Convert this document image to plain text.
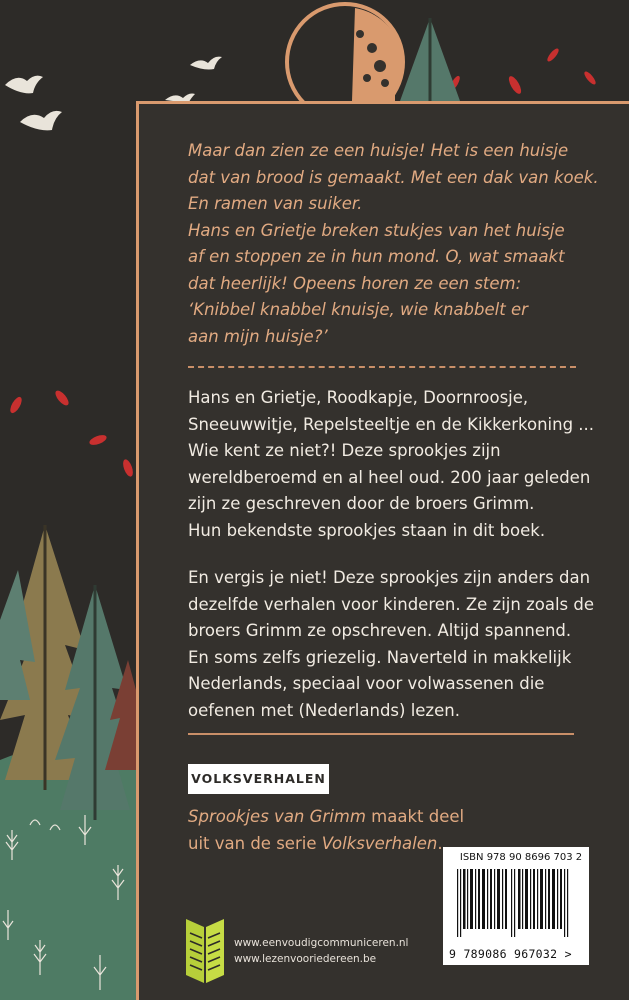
Maar dan zien ze een huisje! Het is een huisje
dat van brood is gemaakt. Met een dak van koek.
En ramen van suiker.
Hans en Grietje breken stukjes van het huisje
af en stoppen ze in hun mond. O, wat smaakt
dat heerlijk! Opeens horen ze een stem:
‘Knibbel knabbel knuisje, wie knabbelt er
aan mijn huisje?’

Hans en Grietje, Roodkapje, Doornroosje,
Sneeuwwitje, Repelsteeltje en de Kikkerkoning ...
Wie kent ze niet?! Deze sprookjes zijn
wereldberoemd en al heel oud. 200 jaar geleden
zijn ze geschreven door de broers Grimm.
Hun bekendste sprookjes staan in dit boek.

En vergis je niet! Deze sprookjes zijn anders dan
dezelfde verhalen voor kinderen. Ze zijn zoals de
broers Grimm ze opschreven. Altijd spannend.
En soms zelfs griezelig. Naverteld in makkelijk
Nederlands, speciaal voor volwassenen die
oefenen met (Nederlands) lezen.

VOLKSVERHALEN
Sprookjes van Grimm maakt deel
uit van de serie Volksverhalen.
ISBN 978 90 8696 703 2
9 789086 967032 >
www.eenvoudigcommuniceren.nl
www.lezenvooriedereen.be
